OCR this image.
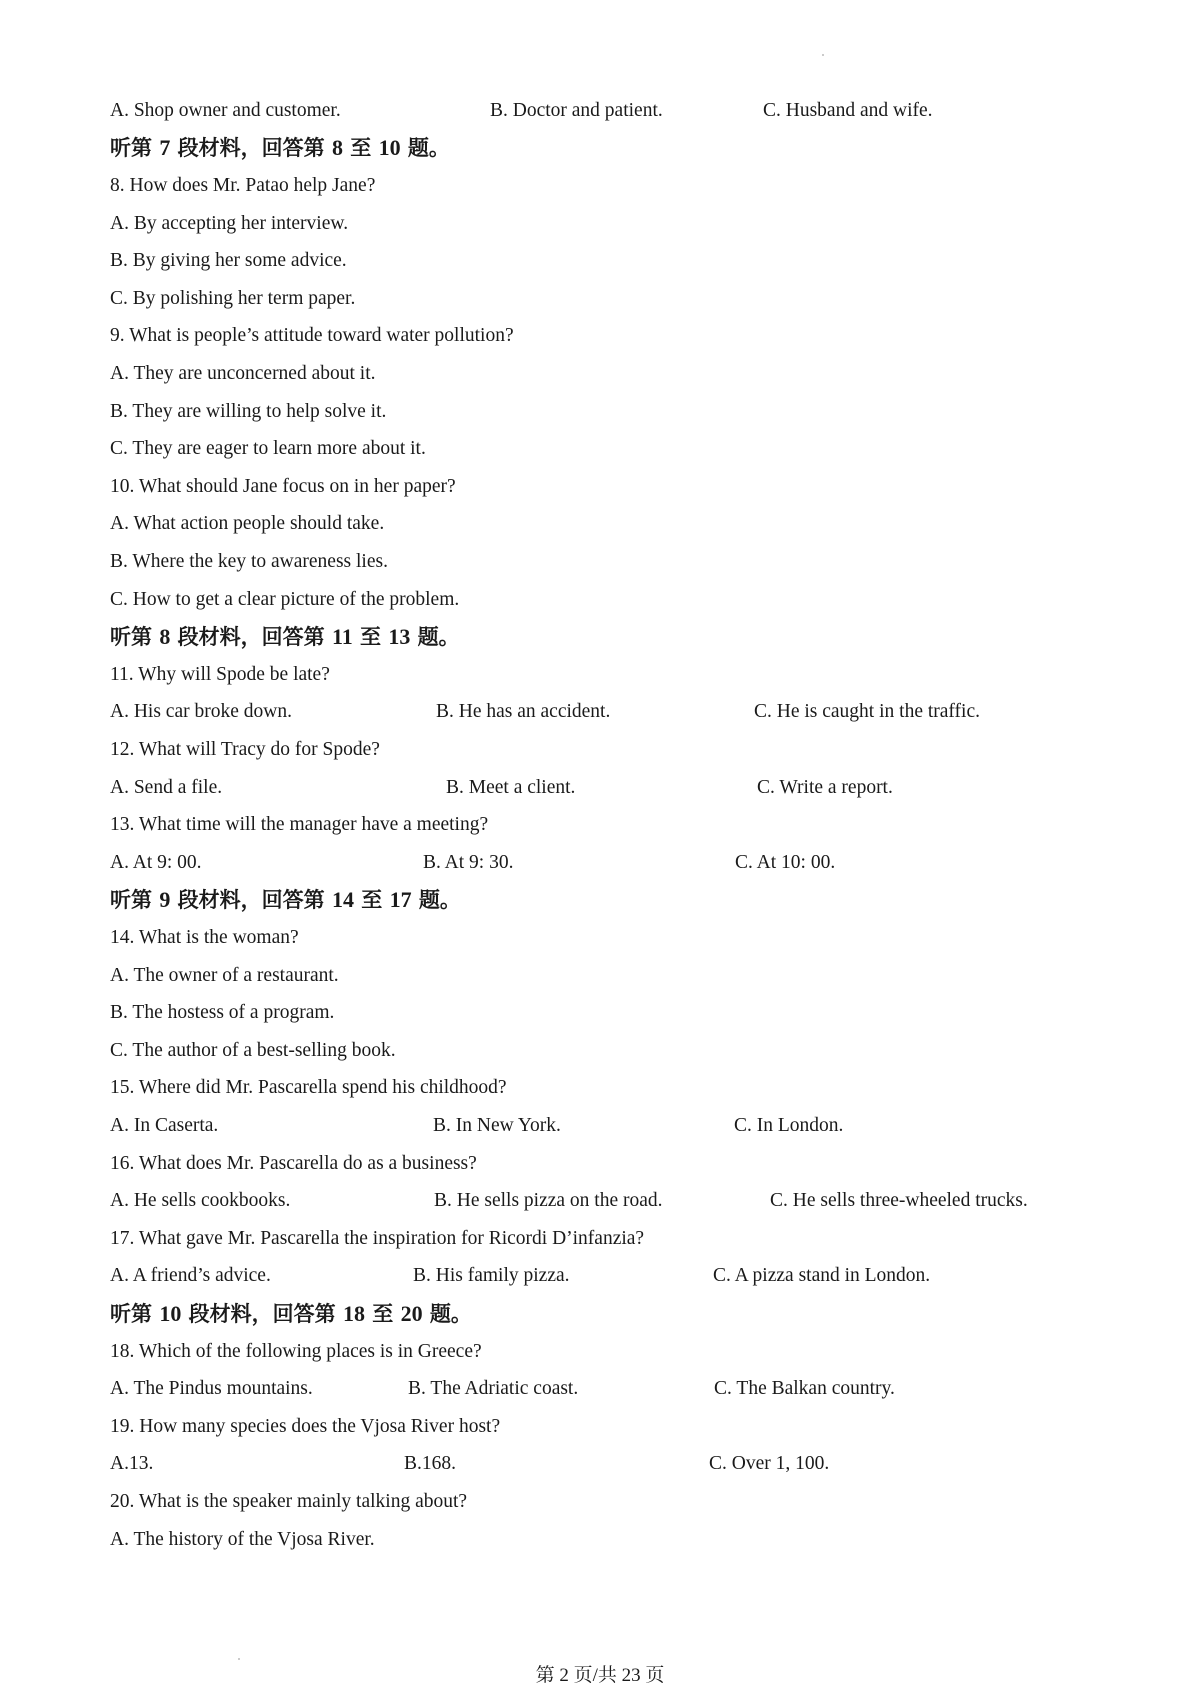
A. Shop owner and customer.	B. Doctor and patient.	C. Husband and wife.
听第 7 段材料，回答第 8 至 10 题。
8. How does Mr. Patao help Jane?
A. By accepting her interview.
B. By giving her some advice.
C. By polishing her term paper.
9. What is people’s attitude toward water pollution?
A. They are unconcerned about it.
B. They are willing to help solve it.
C. They are eager to learn more about it.
10. What should Jane focus on in her paper?
A. What action people should take.
B. Where the key to awareness lies.
C. How to get a clear picture of the problem.
听第 8 段材料，回答第 11 至 13 题。
11. Why will Spode be late?
A. His car broke down.	B. He has an accident.	C. He is caught in the traffic.
12. What will Tracy do for Spode?
A. Send a file.	B. Meet a client.	C. Write a report.
13. What time will the manager have a meeting?
A. At 9: 00.	B. At 9: 30.	C. At 10: 00.
听第 9 段材料，回答第 14 至 17 题。
14. What is the woman?
A. The owner of a restaurant.
B. The hostess of a program.
C. The author of a best-selling book.
15. Where did Mr. Pascarella spend his childhood?
A. In Caserta.	B. In New York.	C. In London.
16. What does Mr. Pascarella do as a business?
A. He sells cookbooks.	B. He sells pizza on the road.	C. He sells three-wheeled trucks.
17. What gave Mr. Pascarella the inspiration for Ricordi D’infanzia?
A. A friend’s advice.	B. His family pizza.	C. A pizza stand in London.
听第 10 段材料，回答第 18 至 20 题。
18. Which of the following places is in Greece?
A. The Pindus mountains.	B. The Adriatic coast.	C. The Balkan country.
19. How many species does the Vjosa River host?
A.13.	B.168.	C. Over 1, 100.
20. What is the speaker mainly talking about?
A. The history of the Vjosa River.
第 2 页/共 23 页
